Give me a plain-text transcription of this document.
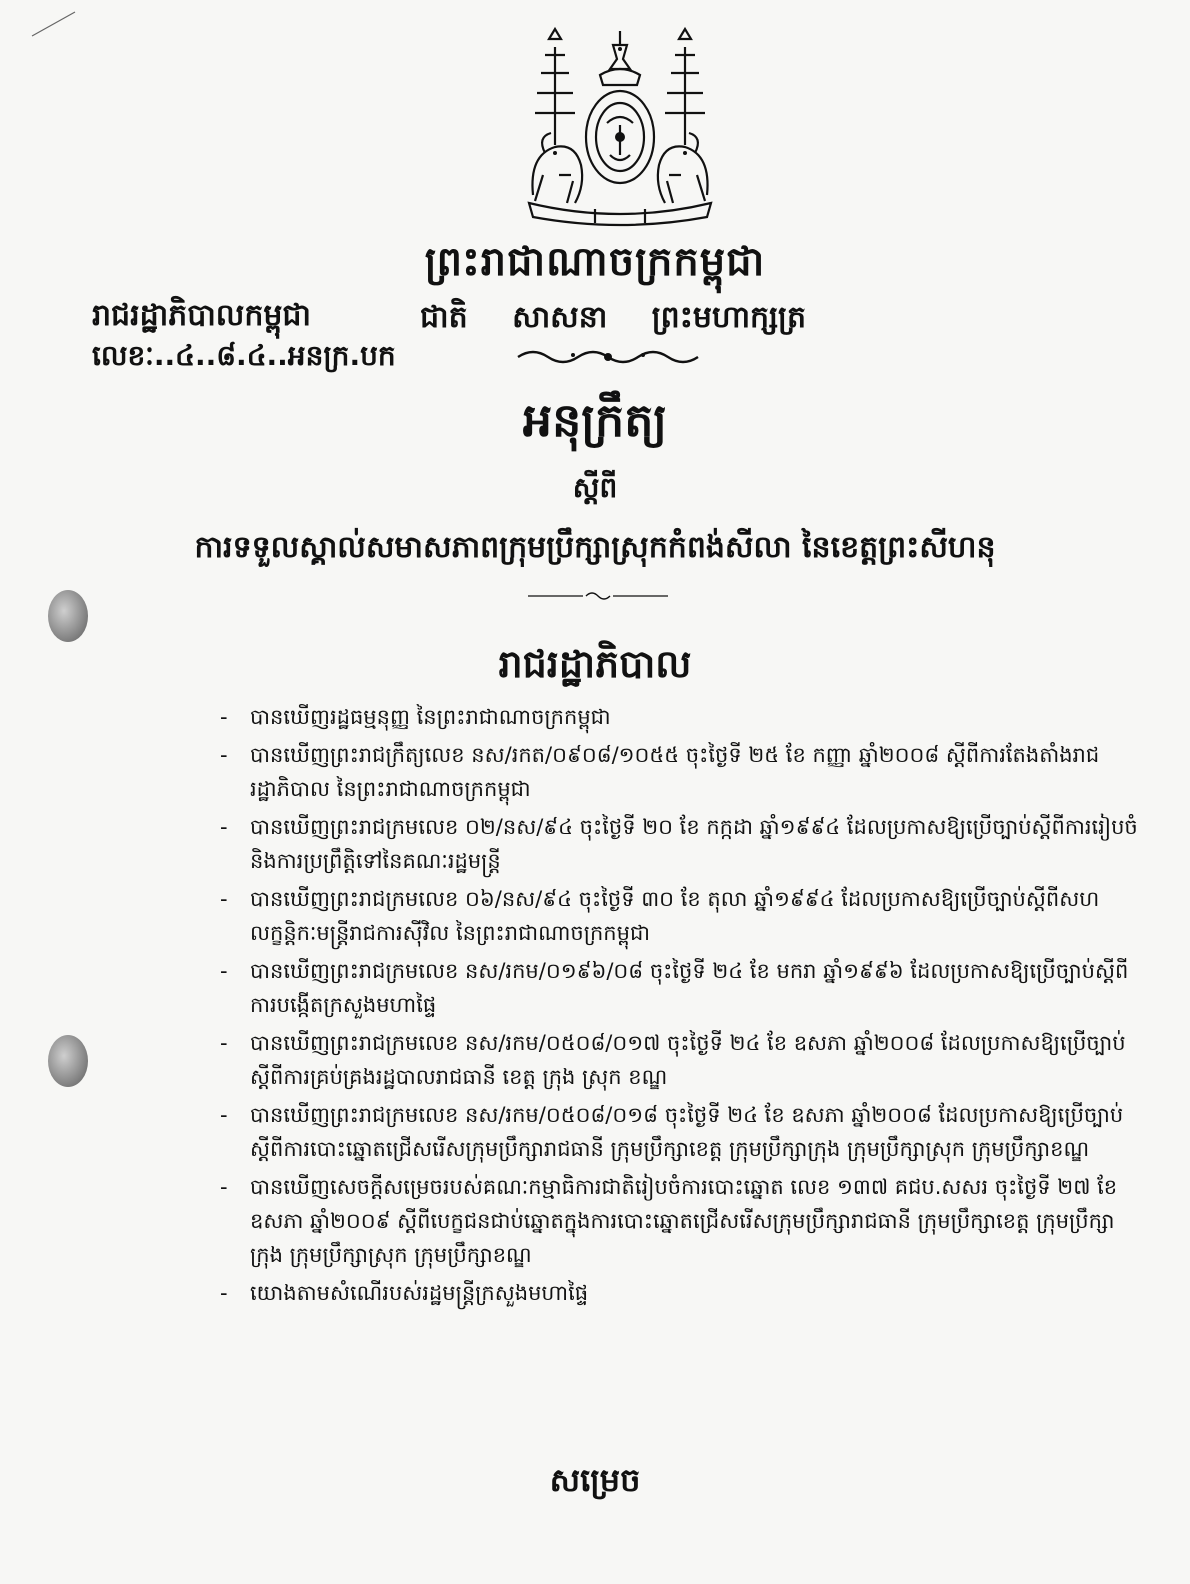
ព្រះរាជាណាចក្រកម្ពុជា
រាជរដ្ឋាភិបាលកម្ពុជា	ជាតិ សាសនា ព្រះមហាក្សត្រ
លេខៈ..៤..៨.៤..អនក្រ.បក
អនុក្រឹត្យ
ស្តីពី
ការទទួលស្គាល់សមាសភាពក្រុមប្រឹក្សាស្រុកកំពង់សីលា នៃខេត្តព្រះសីហនុ
រាជរដ្ឋាភិបាល
- បានឃើញរដ្ឋធម្មនុញ្ញ នៃព្រះរាជាណាចក្រកម្ពុជា
- បានឃើញព្រះរាជក្រឹត្យលេខ នស/រកត/០៩០៨/១០៥៥ ចុះថ្ងៃទី ២៥ ខែ កញ្ញា ឆ្នាំ២០០៨ ស្តីពីការតែងតាំងរាជរដ្ឋាភិបាល នៃព្រះរាជាណាចក្រកម្ពុជា
- បានឃើញព្រះរាជក្រមលេខ ០២/នស/៩៤ ចុះថ្ងៃទី ២០ ខែ កក្កដា ឆ្នាំ១៩៩៤ ដែលប្រកាសឱ្យប្រើច្បាប់ស្តីពីការរៀបចំ និងការប្រព្រឹត្តិទៅនៃគណៈរដ្ឋមន្ត្រី
- បានឃើញព្រះរាជក្រមលេខ ០៦/នស/៩៤ ចុះថ្ងៃទី ៣០ ខែ តុលា ឆ្នាំ១៩៩៤ ដែលប្រកាសឱ្យប្រើច្បាប់ស្តីពីសហលក្ខន្តិកៈមន្ត្រីរាជការស៊ីវិល នៃព្រះរាជាណាចក្រកម្ពុជា
- បានឃើញព្រះរាជក្រមលេខ នស/រកម/០១៩៦/០៨ ចុះថ្ងៃទី ២៤ ខែ មករា ឆ្នាំ១៩៩៦ ដែលប្រកាសឱ្យប្រើច្បាប់ស្តីពីការបង្កើតក្រសួងមហាផ្ទៃ
- បានឃើញព្រះរាជក្រមលេខ នស/រកម/០៥០៨/០១៧ ចុះថ្ងៃទី ២៤ ខែ ឧសភា ឆ្នាំ២០០៨ ដែលប្រកាសឱ្យប្រើច្បាប់ស្តីពីការគ្រប់គ្រងរដ្ឋបាលរាជធានី ខេត្ត ក្រុង ស្រុក ខណ្ឌ
- បានឃើញព្រះរាជក្រមលេខ នស/រកម/០៥០៨/០១៨ ចុះថ្ងៃទី ២៤ ខែ ឧសភា ឆ្នាំ២០០៨ ដែលប្រកាសឱ្យប្រើច្បាប់ស្តីពីការបោះឆ្នោតជ្រើសរើសក្រុមប្រឹក្សារាជធានី ក្រុមប្រឹក្សាខេត្ត ក្រុមប្រឹក្សាក្រុង ក្រុមប្រឹក្សាស្រុក ក្រុមប្រឹក្សាខណ្ឌ
- បានឃើញសេចក្តីសម្រេចរបស់គណៈកម្មាធិការជាតិរៀបចំការបោះឆ្នោត លេខ ១៣៧ គជប.សសរ ចុះថ្ងៃទី ២៧ ខែ ឧសភា ឆ្នាំ២០០៩ ស្តីពីបេក្ខជនជាប់ឆ្នោតក្នុងការបោះឆ្នោតជ្រើសរើសក្រុមប្រឹក្សារាជធានី ក្រុមប្រឹក្សាខេត្ត ក្រុមប្រឹក្សាក្រុង ក្រុមប្រឹក្សាស្រុក ក្រុមប្រឹក្សាខណ្ឌ
- យោងតាមសំណើរបស់រដ្ឋមន្ត្រីក្រសួងមហាផ្ទៃ
សម្រេច
